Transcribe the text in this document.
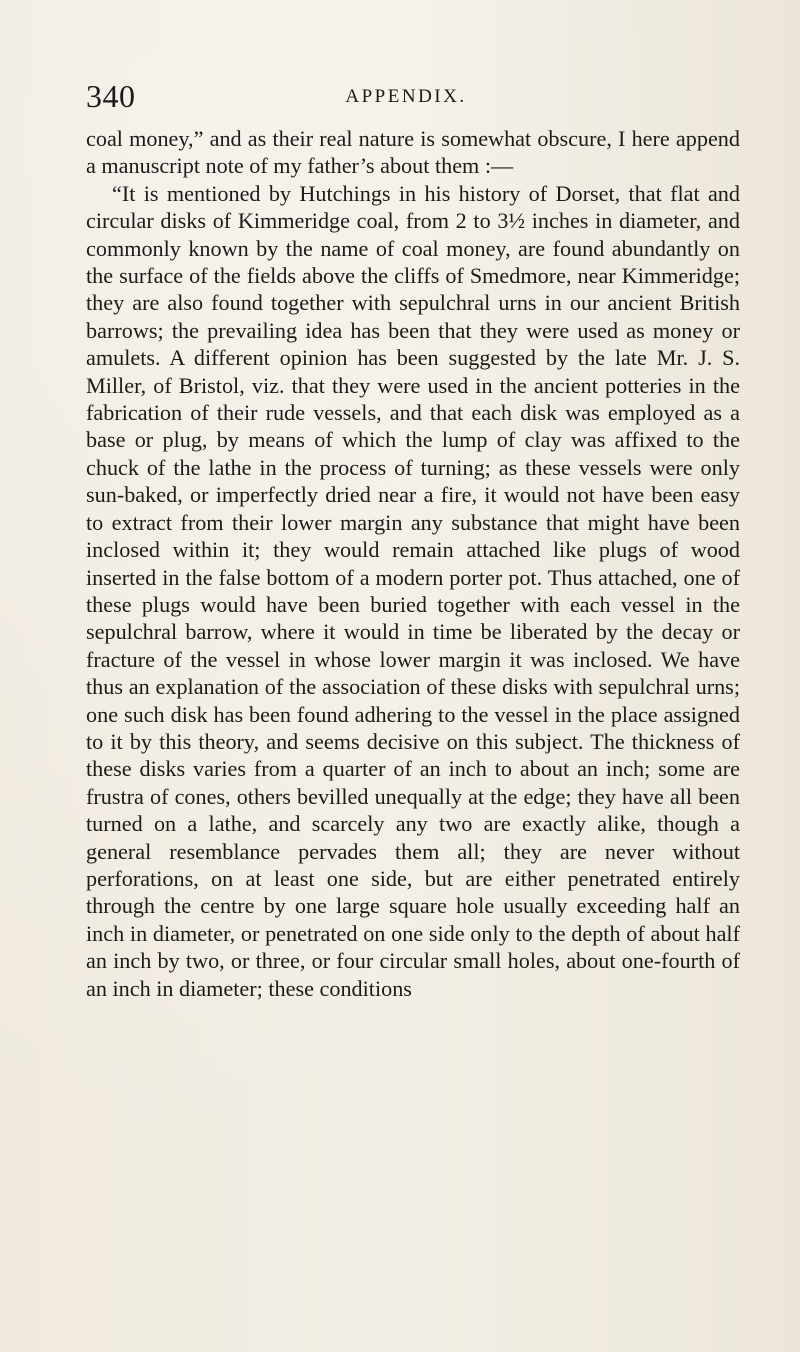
340	APPENDIX.

coal money,” and as their real nature is somewhat obscure, I here append a manuscript note of my father’s about them :—

“It is mentioned by Hutchings in his history of Dorset, that flat and circular disks of Kimmeridge coal, from 2 to 3½ inches in diameter, and commonly known by the name of coal money, are found abundantly on the surface of the fields above the cliffs of Smedmore, near Kimmeridge; they are also found together with sepulchral urns in our ancient British barrows; the prevailing idea has been that they were used as money or amulets. A different opinion has been suggested by the late Mr. J. S. Miller, of Bristol, viz. that they were used in the ancient potteries in the fabrication of their rude vessels, and that each disk was employed as a base or plug, by means of which the lump of clay was affixed to the chuck of the lathe in the process of turning; as these vessels were only sun-baked, or imperfectly dried near a fire, it would not have been easy to extract from their lower margin any substance that might have been inclosed within it; they would remain attached like plugs of wood inserted in the false bottom of a modern porter pot. Thus attached, one of these plugs would have been buried together with each vessel in the sepulchral barrow, where it would in time be liberated by the decay or fracture of the vessel in whose lower margin it was inclosed. We have thus an explanation of the association of these disks with sepulchral urns; one such disk has been found adhering to the vessel in the place assigned to it by this theory, and seems decisive on this subject. The thickness of these disks varies from a quarter of an inch to about an inch; some are frustra of cones, others bevilled unequally at the edge; they have all been turned on a lathe, and scarcely any two are exactly alike, though a general resemblance pervades them all; they are never without perforations, on at least one side, but are either penetrated entirely through the centre by one large square hole usually exceeding half an inch in diameter, or penetrated on one side only to the depth of about half an inch by two, or three, or four circular small holes, about one-fourth of an inch in diameter; these conditions
